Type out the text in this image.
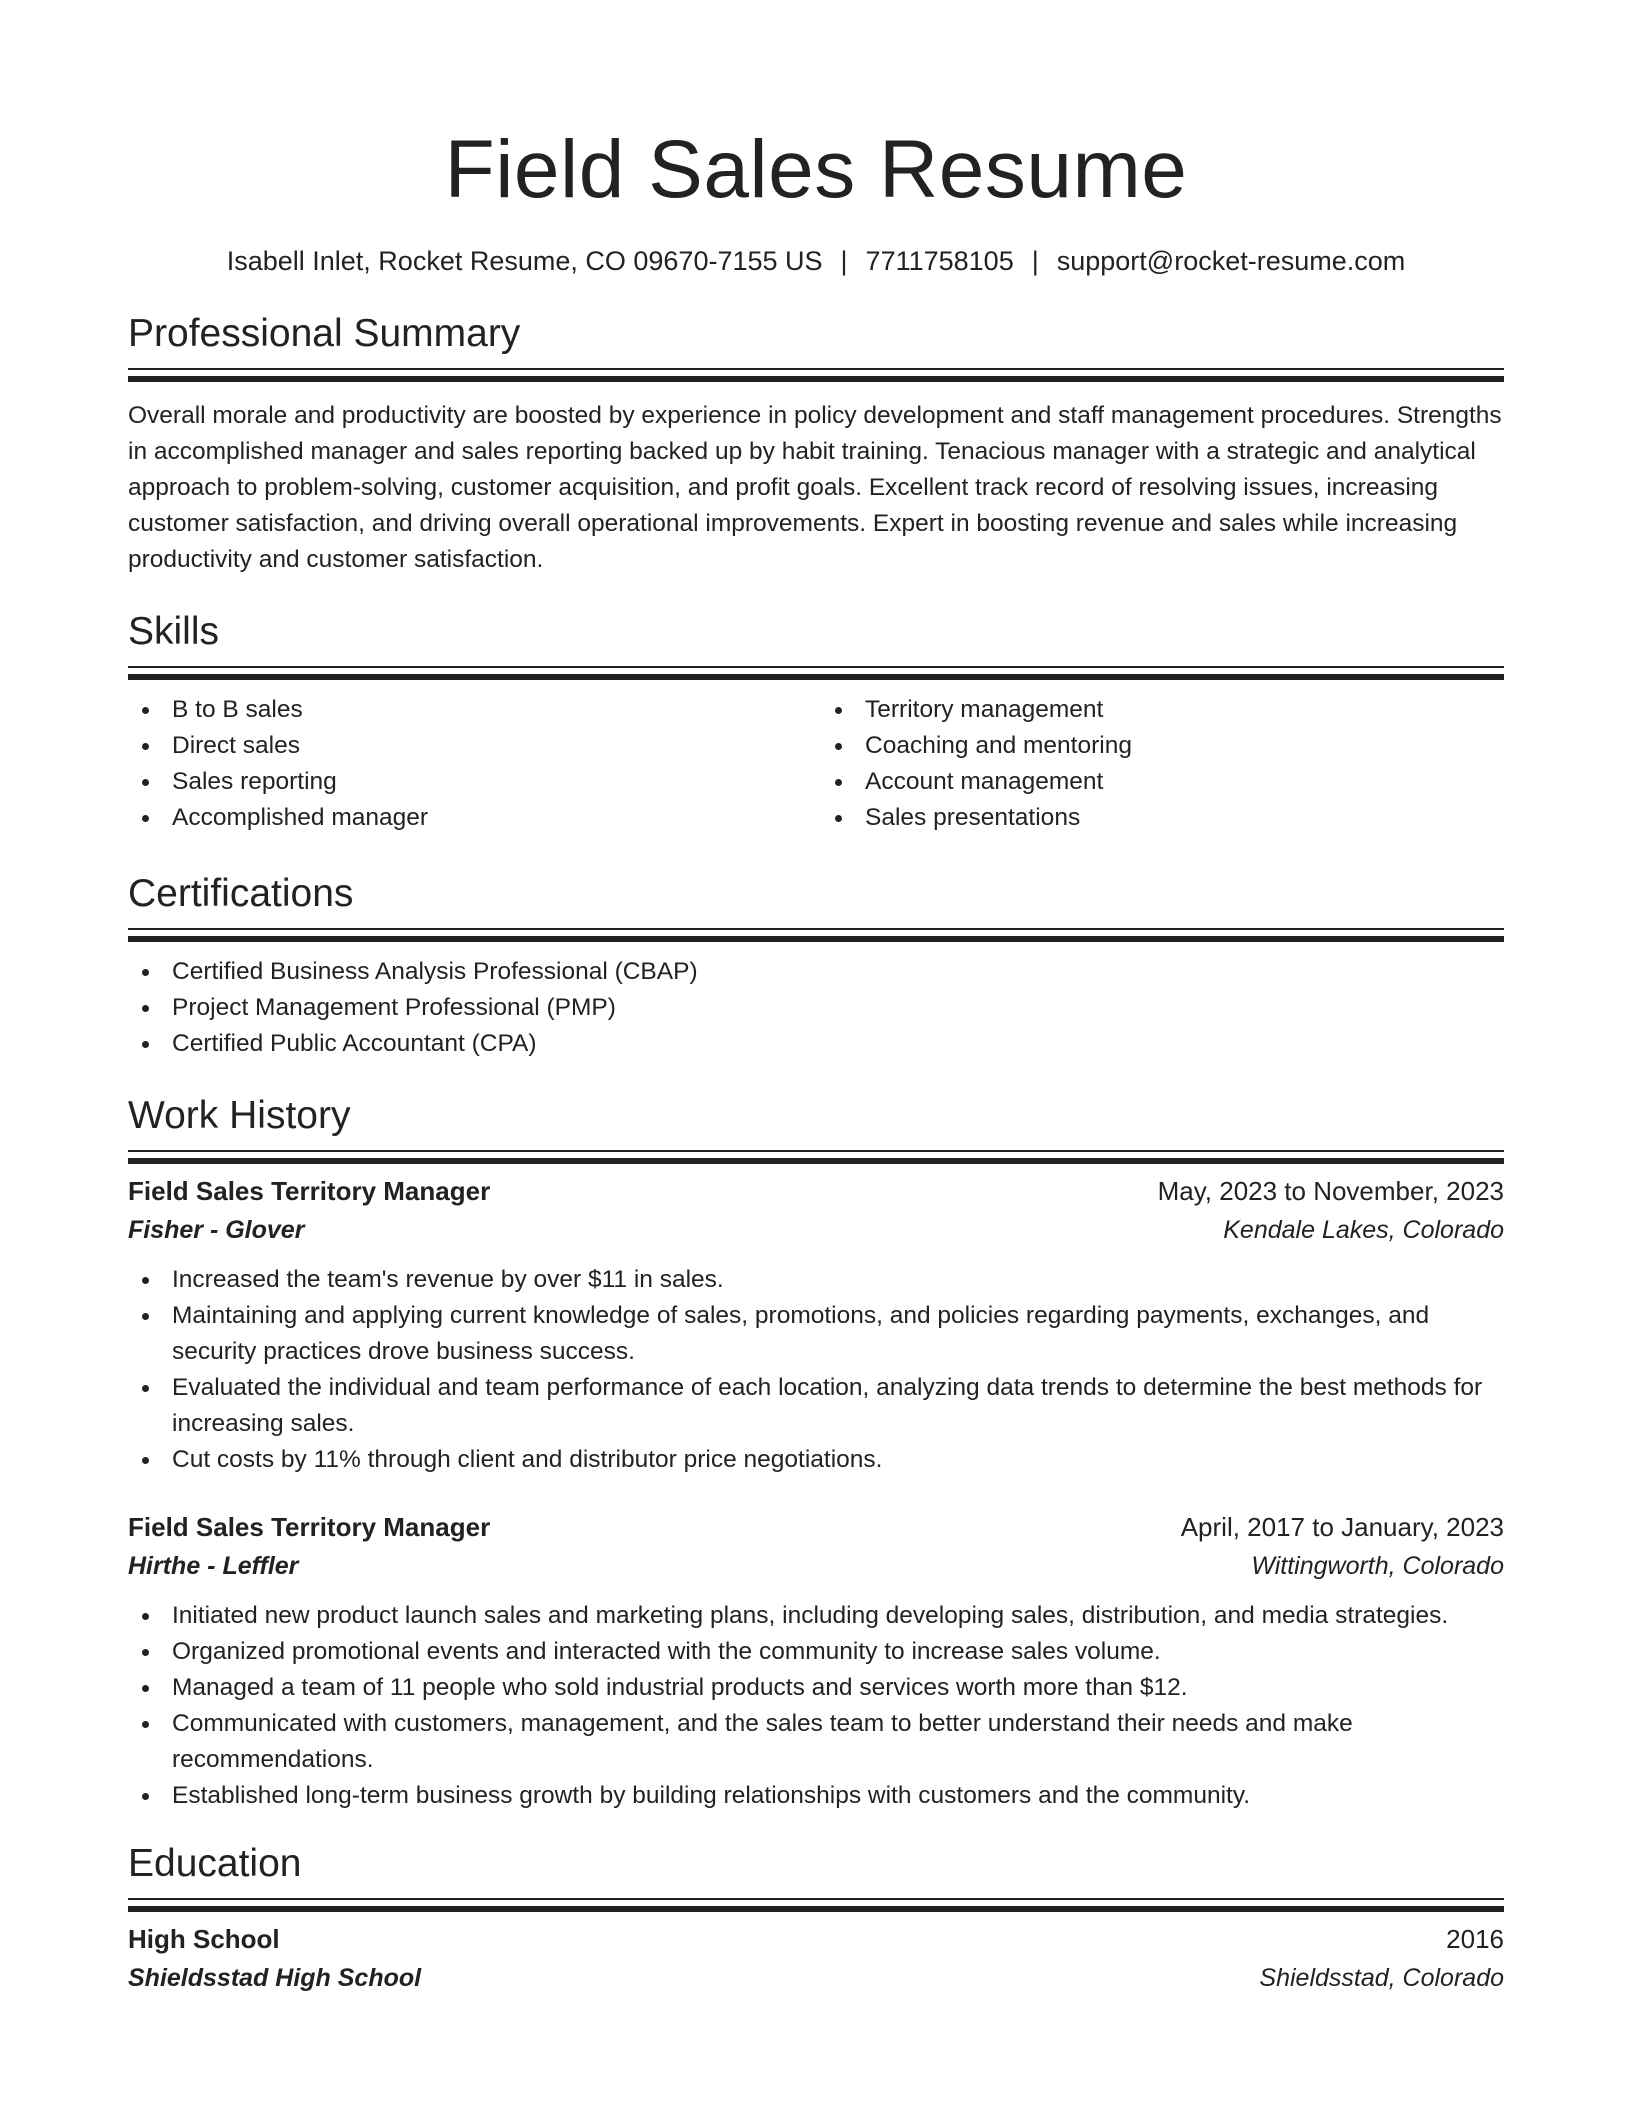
Field Sales Resume
Isabell Inlet, Rocket Resume, CO 09670-7155 US | 7711758105 | support@rocket-resume.com
Professional Summary

Overall morale and productivity are boosted by experience in policy development and staff management procedures. Strengths in accomplished manager and sales reporting backed up by habit training. Tenacious manager with a strategic and analytical approach to problem-solving, customer acquisition, and profit goals. Excellent track record of resolving issues, increasing customer satisfaction, and driving overall operational improvements. Expert in boosting revenue and sales while increasing productivity and customer satisfaction.

Skills
B to B sales
Direct sales
Sales reporting
Accomplished manager
Territory management
Coaching and mentoring
Account management
Sales presentations
Certifications
Certified Business Analysis Professional (CBAP)
Project Management Professional (PMP)
Certified Public Accountant (CPA)
Work History
Field Sales Territory Manager	May, 2023 to November, 2023
Fisher - Glover	Kendale Lakes, Colorado
Increased the team's revenue by over $11 in sales.
Maintaining and applying current knowledge of sales, promotions, and policies regarding payments, exchanges, and security practices drove business success.
Evaluated the individual and team performance of each location, analyzing data trends to determine the best methods for increasing sales.
Cut costs by 11% through client and distributor price negotiations.
Field Sales Territory Manager	April, 2017 to January, 2023
Hirthe - Leffler	Wittingworth, Colorado
Initiated new product launch sales and marketing plans, including developing sales, distribution, and media strategies.
Organized promotional events and interacted with the community to increase sales volume.
Managed a team of 11 people who sold industrial products and services worth more than $12.
Communicated with customers, management, and the sales team to better understand their needs and make recommendations.
Established long-term business growth by building relationships with customers and the community.
Education
High School	2016
Shieldsstad High School	Shieldsstad, Colorado
